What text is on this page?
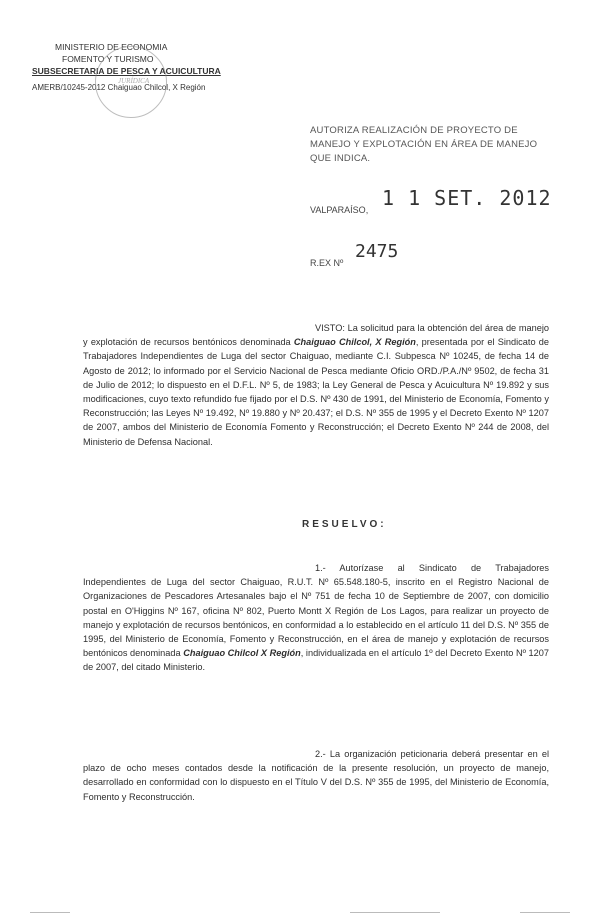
MINISTERIO DE ECONOMIA
FOMENTO Y TURISMO
SUBSECRETARIA DE PESCA Y ACUICULTURA
AMERB/10245-2012 Chaiguao Chilcol, X Región
JURÍDICA
AUTORIZA REALIZACIÓN DE PROYECTO DE MANEJO Y EXPLOTACIÓN EN ÁREA DE MANEJO QUE INDICA.
VALPARAÍSO, 1 1 SET. 2012
R.EX Nº
2475
VISTO: La solicitud para la obtención del área de manejo y explotación de recursos bentónicos denominada Chaiguao Chilcol, X Región, presentada por el Sindicato de Trabajadores Independientes de Luga del sector Chaiguao, mediante C.I. Subpesca Nº 10245, de fecha 14 de Agosto de 2012; lo informado por el Servicio Nacional de Pesca mediante Oficio ORD./P.A./Nº 9502, de fecha 31 de Julio de 2012; lo dispuesto en el D.F.L. Nº 5, de 1983; la Ley General de Pesca y Acuicultura Nº 19.892 y sus modificaciones, cuyo texto refundido fue fijado por el D.S. Nº 430 de 1991, del Ministerio de Economía, Fomento y Reconstrucción; las Leyes Nº 19.492, Nº 19.880 y Nº 20.437; el D.S. Nº 355 de 1995 y el Decreto Exento Nº 1207 de 2007, ambos del Ministerio de Economía Fomento y Reconstrucción; el Decreto Exento Nº 244 de 2008, del Ministerio de Defensa Nacional.
RESUELVO:
1.- Autorízase al Sindicato de Trabajadores Independientes de Luga del sector Chaiguao, R.U.T. Nº 65.548.180-5, inscrito en el Registro Nacional de Organizaciones de Pescadores Artesanales bajo el Nº 751 de fecha 10 de Septiembre de 2007, con domicilio postal en O'Higgins Nº 167, oficina Nº 802, Puerto Montt X Región de Los Lagos, para realizar un proyecto de manejo y explotación de recursos bentónicos, en conformidad a lo establecido en el artículo 11 del D.S. Nº 355 de 1995, del Ministerio de Economía, Fomento y Reconstrucción, en el área de manejo y explotación de recursos bentónicos denominada Chaiguao Chilcol X Región, individualizada en el artículo 1º del Decreto Exento Nº 1207 de 2007, del citado Ministerio.
2.- La organización peticionaria deberá presentar en el plazo de ocho meses contados desde la notificación de la presente resolución, un proyecto de manejo, desarrollado en conformidad con lo dispuesto en el Título V del D.S. Nº 355 de 1995, del Ministerio de Economía, Fomento y Reconstrucción.
